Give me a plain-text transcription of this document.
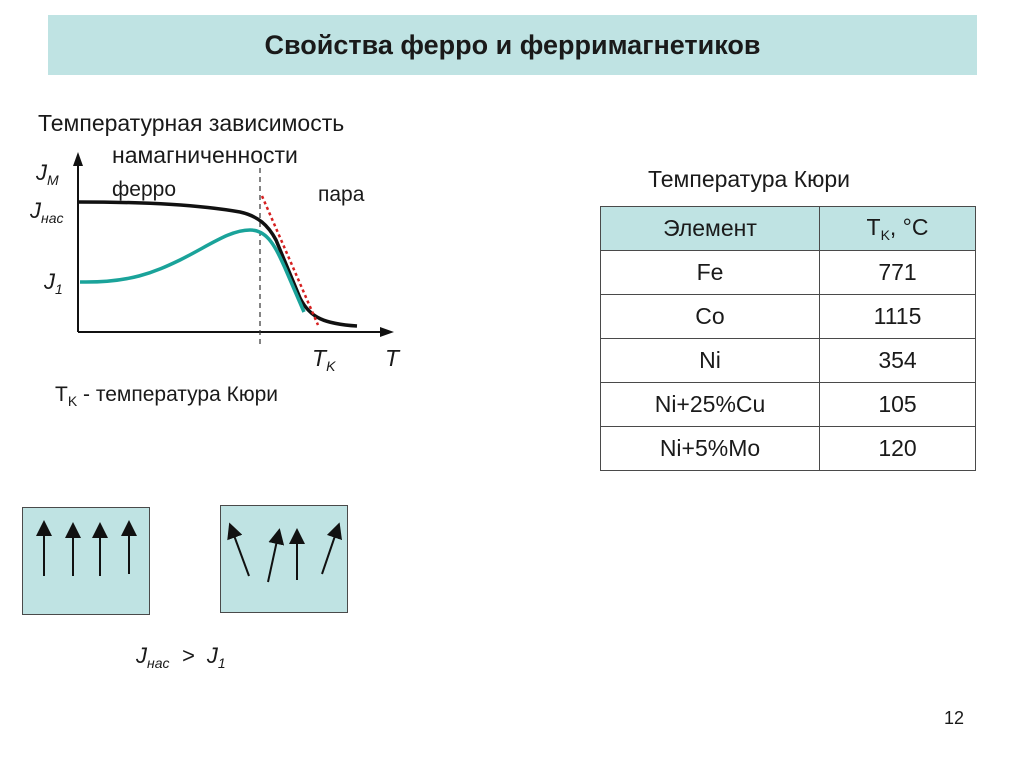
Свойства ферро и ферримагнетиков
Температурная зависимость
намагниченности
$J_M$
$J_{нас}$
$J_1$
ферро	пара
$T_K$ T
$T_K$ - температура Кюри
Температура Кюри
Элемент	$T_K$, °C
Fe	771
Co	1115
Ni	354
Ni+25%Cu	105
Ni+5%Mo	120
$J_{нас} > J_1$
12
